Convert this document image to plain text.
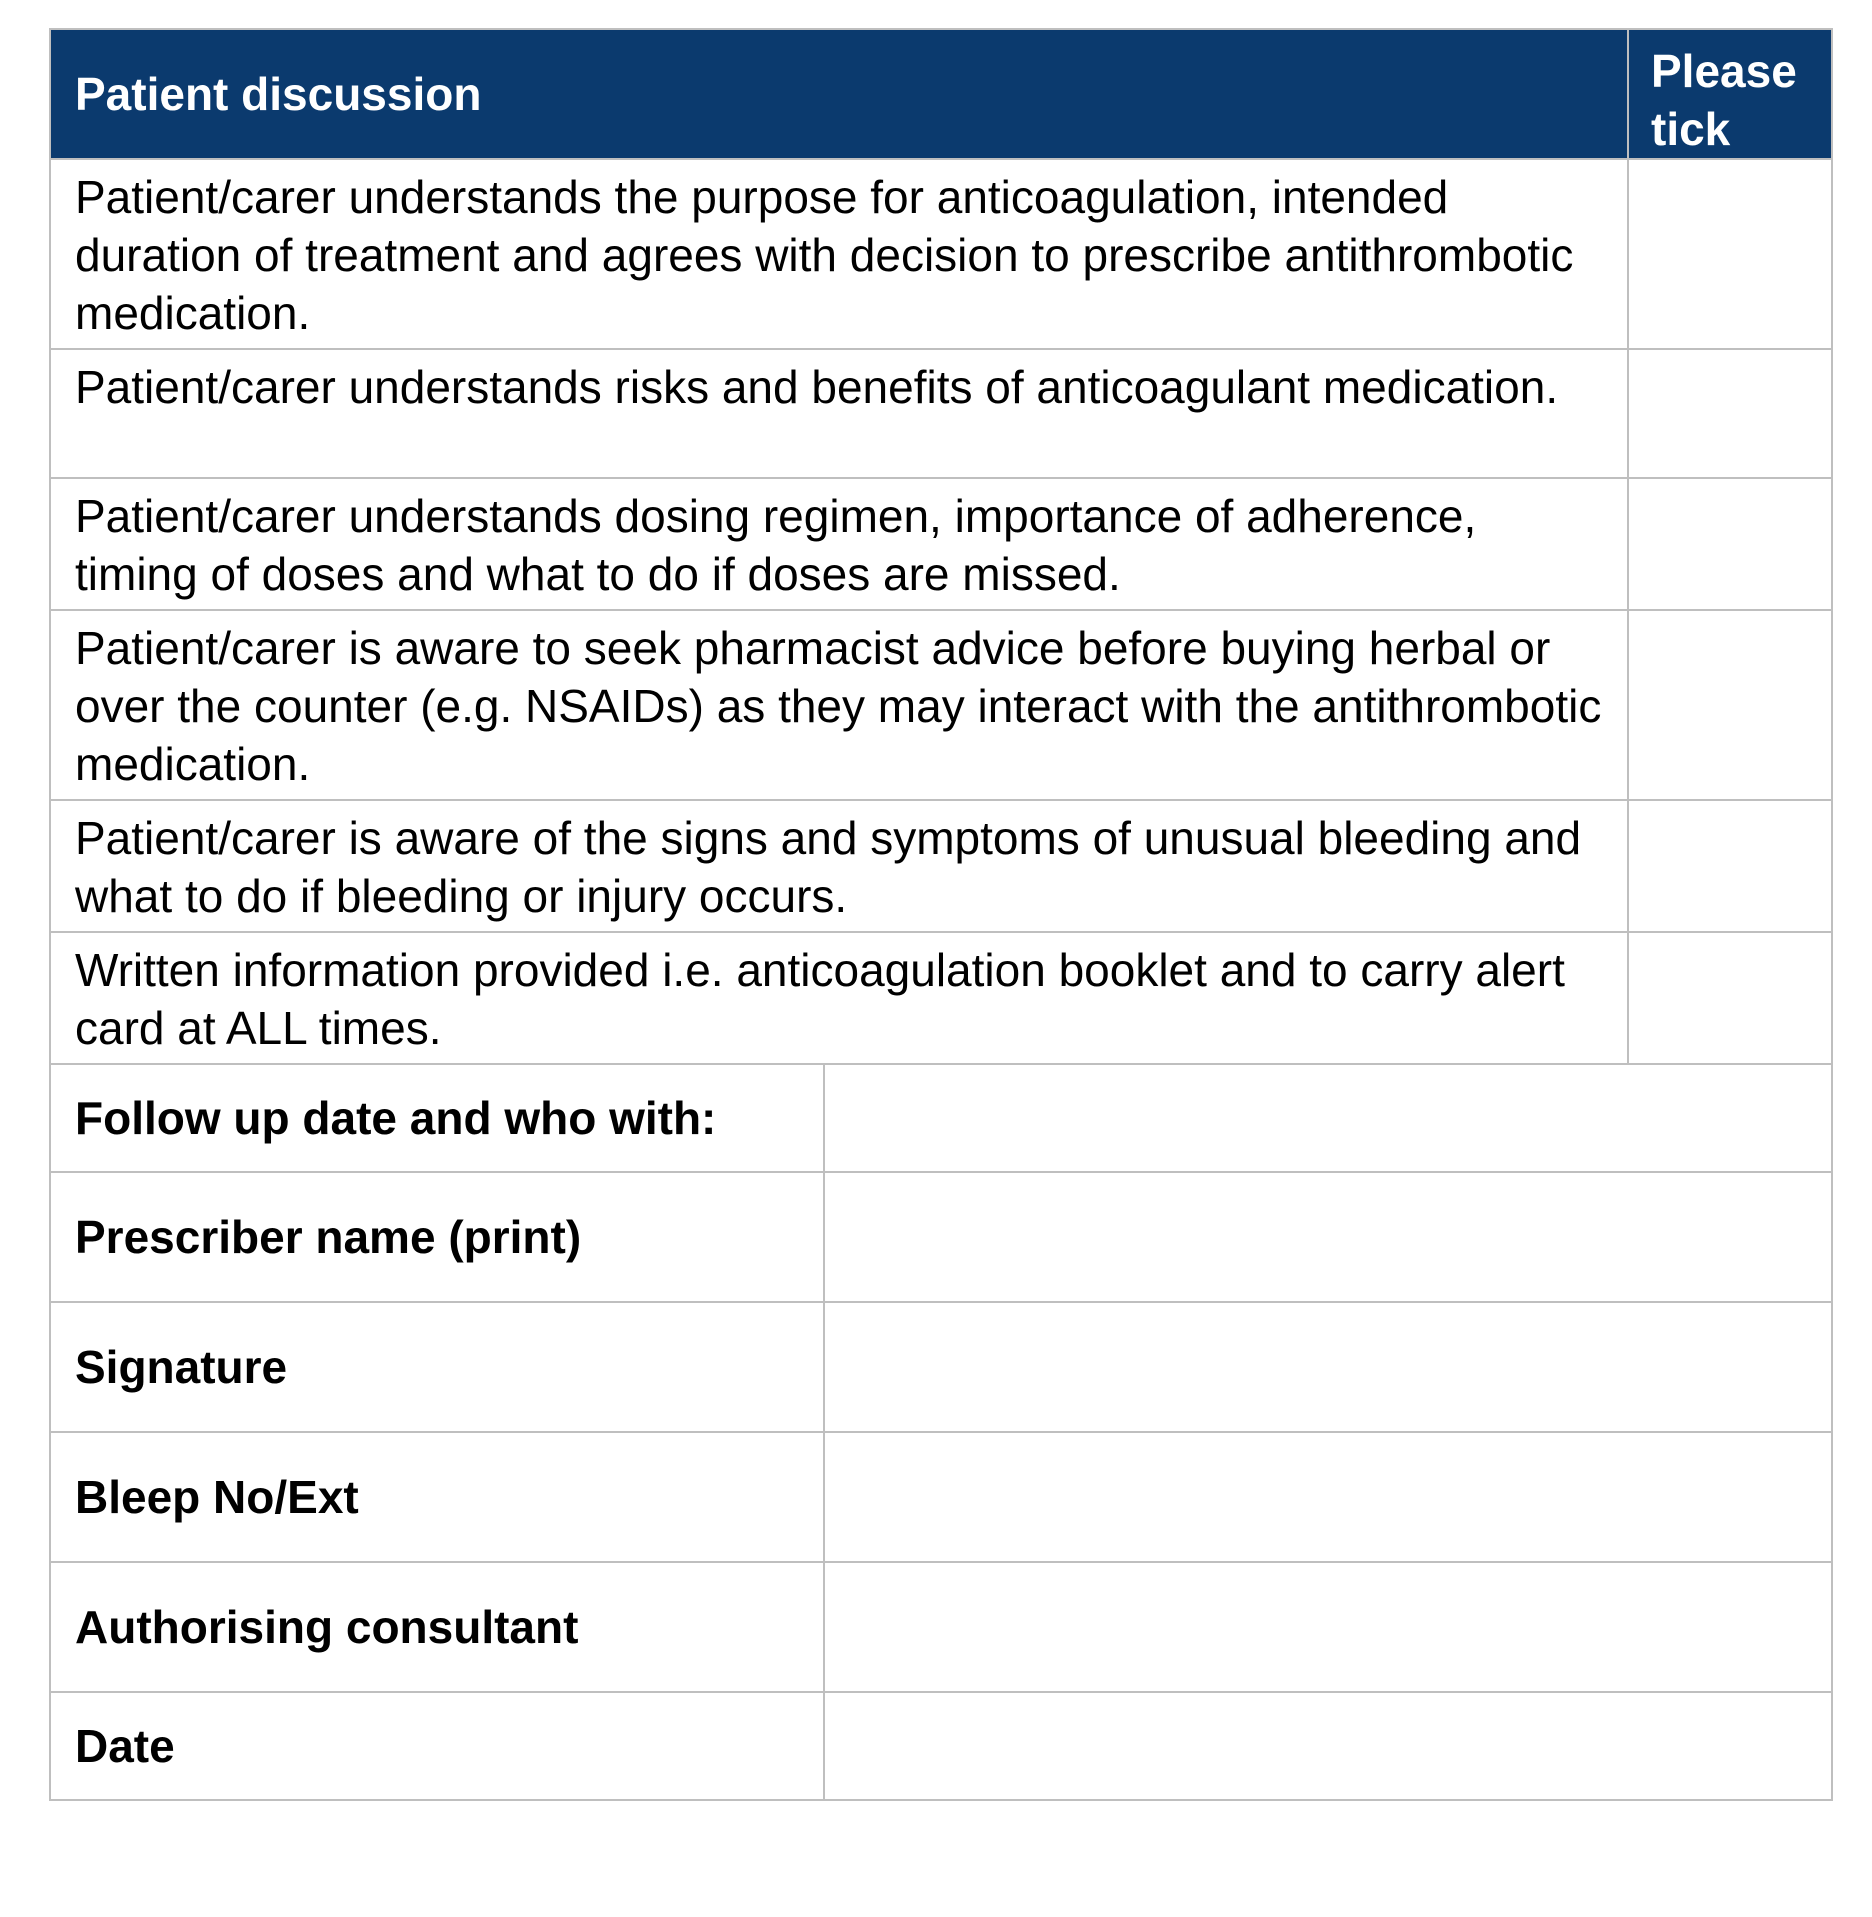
Patient discussion		Please tick
Patient/carer understands the purpose for anticoagulation, intended duration of treatment and agrees with decision to prescribe antithrombotic medication.		
Patient/carer understands risks and benefits of anticoagulant medication.		
Patient/carer understands dosing regimen, importance of adherence, timing of doses and what to do if doses are missed.		
Patient/carer is aware to seek pharmacist advice before buying herbal or over the counter (e.g. NSAIDs) as they may interact with the antithrombotic medication.		
Patient/carer is aware of the signs and symptoms of unusual bleeding and what to do if bleeding or injury occurs.		
Written information provided i.e. anticoagulation booklet and to carry alert card at ALL times.		
Follow up date and who with:		
Prescriber name (print)		
Signature		
Bleep No/Ext		
Authorising consultant		
Date		
